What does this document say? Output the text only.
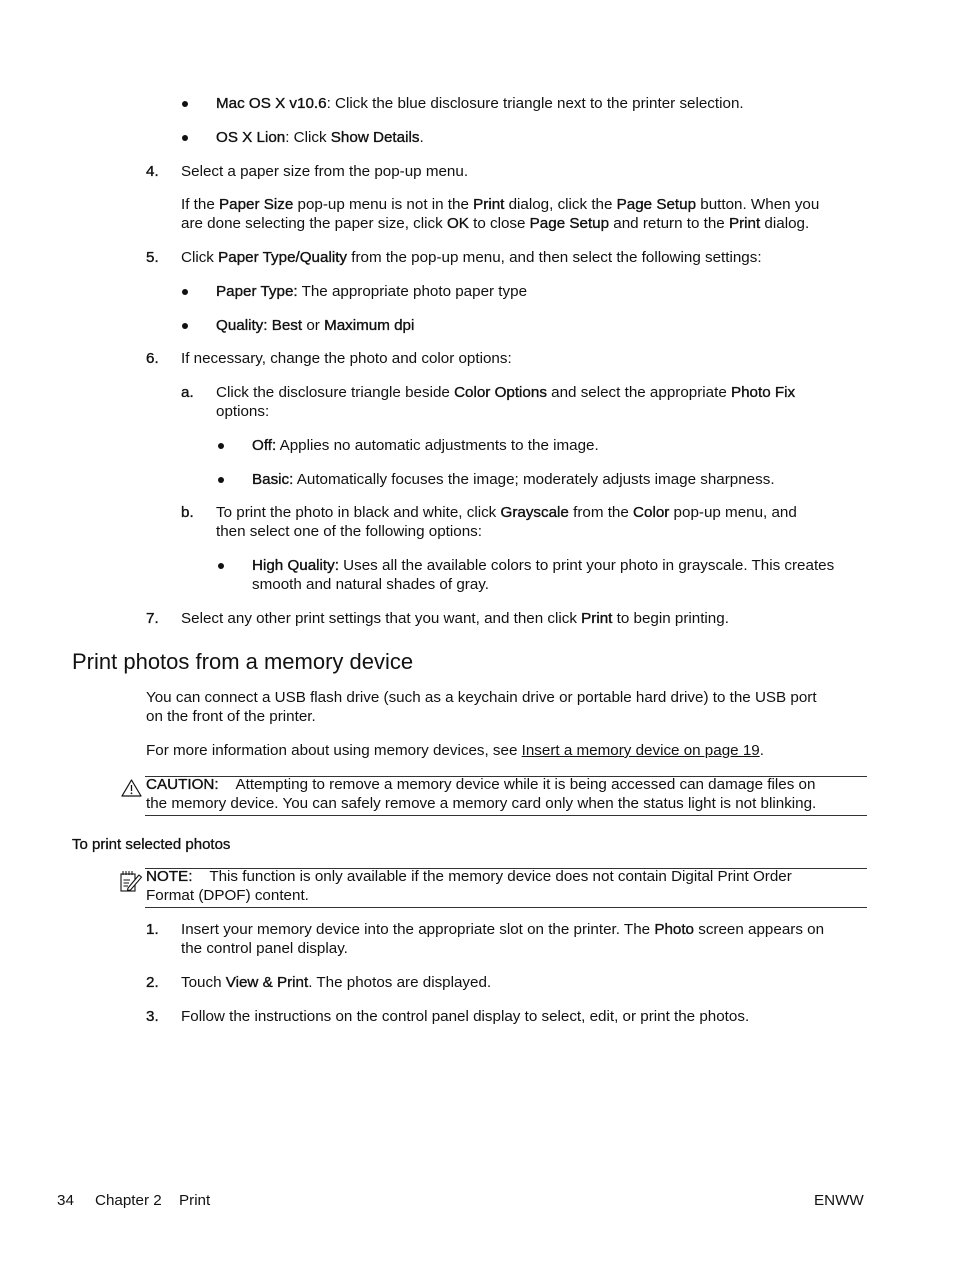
Mac OS X v10.6: Click the blue disclosure triangle next to the printer selection.
OS X Lion: Click Show Details.
4. Select a paper size from the pop-up menu.
If the Paper Size pop-up menu is not in the Print dialog, click the Page Setup button. When you
are done selecting the paper size, click OK to close Page Setup and return to the Print dialog.
5. Click Paper Type/Quality from the pop-up menu, and then select the following settings:
Paper Type: The appropriate photo paper type
Quality: Best or Maximum dpi
6. If necessary, change the photo and color options:
a. Click the disclosure triangle beside Color Options and select the appropriate Photo Fix
options:
Off: Applies no automatic adjustments to the image.
Basic: Automatically focuses the image; moderately adjusts image sharpness.
b. To print the photo in black and white, click Grayscale from the Color pop-up menu, and
then select one of the following options:
High Quality: Uses all the available colors to print your photo in grayscale. This creates
smooth and natural shades of gray.
7. Select any other print settings that you want, and then click Print to begin printing.
Print photos from a memory device
You can connect a USB flash drive (such as a keychain drive or portable hard drive) to the USB port
on the front of the printer.
For more information about using memory devices, see Insert a memory device on page 19.
CAUTION: Attempting to remove a memory device while it is being accessed can damage files on
the memory device. You can safely remove a memory card only when the status light is not blinking.
To print selected photos
NOTE: This function is only available if the memory device does not contain Digital Print Order
Format (DPOF) content.
1. Insert your memory device into the appropriate slot on the printer. The Photo screen appears on
the control panel display.
2. Touch View & Print. The photos are displayed.
3. Follow the instructions on the control panel display to select, edit, or print the photos.
34 Chapter 2 Print	ENWW
